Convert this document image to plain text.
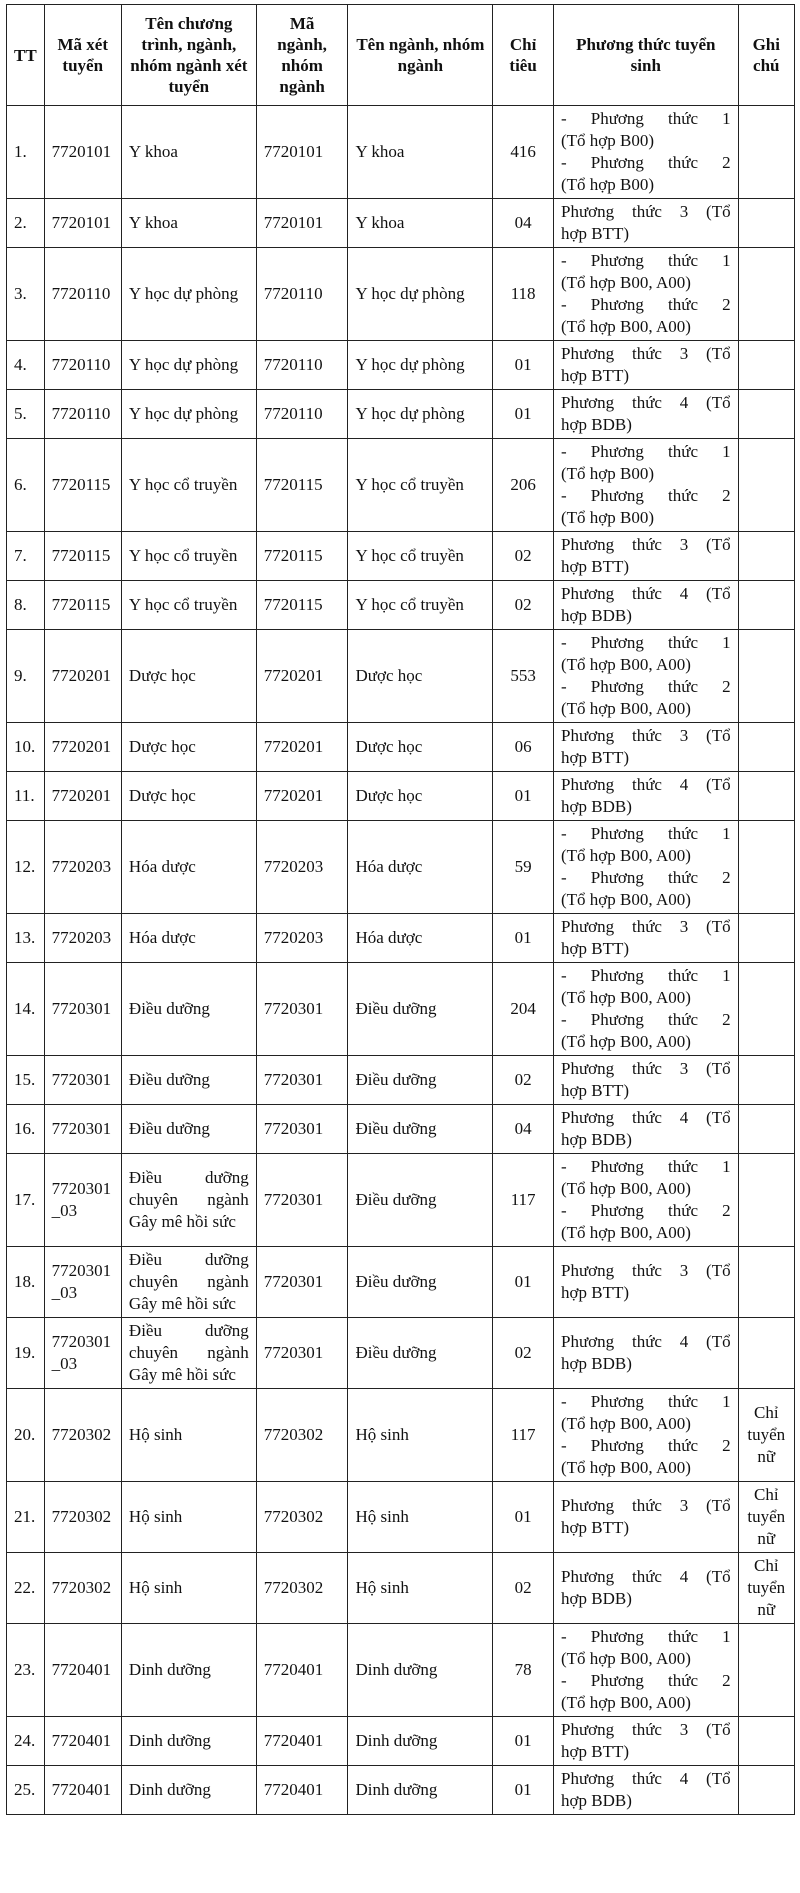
TT	Mã xét tuyển	Tên chương trình, ngành, nhóm ngành xét tuyển	Mã ngành, nhóm ngành	Tên ngành, nhóm ngành	Chỉ tiêu	Phương thức tuyển sinh	Ghi chú
1.	7720101	Y khoa	7720101	Y khoa	416	- Phương thức 1
(Tổ hợp B00)
- Phương thức 2
(Tổ hợp B00)	

2.	7720101	Y khoa	7720101	Y khoa	04	Phương thức 3 (Tổ
hợp BTT)	

3.	7720110	Y học dự phòng	7720110	Y học dự phòng	118	- Phương thức 1
(Tổ hợp B00, A00)
- Phương thức 2
(Tổ hợp B00, A00)	

4.	7720110	Y học dự phòng	7720110	Y học dự phòng	01	Phương thức 3 (Tổ
hợp BTT)	

5.	7720110	Y học dự phòng	7720110	Y học dự phòng	01	Phương thức 4 (Tổ
hợp BDB)	

6.	7720115	Y học cổ truyền	7720115	Y học cổ truyền	206	- Phương thức 1
(Tổ hợp B00)
- Phương thức 2
(Tổ hợp B00)	

7.	7720115	Y học cổ truyền	7720115	Y học cổ truyền	02	Phương thức 3 (Tổ
hợp BTT)	

8.	7720115	Y học cổ truyền	7720115	Y học cổ truyền	02	Phương thức 4 (Tổ
hợp BDB)	

9.	7720201	Dược học	7720201	Dược học	553	- Phương thức 1
(Tổ hợp B00, A00)
- Phương thức 2
(Tổ hợp B00, A00)	

10.	7720201	Dược học	7720201	Dược học	06	Phương thức 3 (Tổ
hợp BTT)	

11.	7720201	Dược học	7720201	Dược học	01	Phương thức 4 (Tổ
hợp BDB)	

12.	7720203	Hóa dược	7720203	Hóa dược	59	- Phương thức 1
(Tổ hợp B00, A00)
- Phương thức 2
(Tổ hợp B00, A00)	

13.	7720203	Hóa dược	7720203	Hóa dược	01	Phương thức 3 (Tổ
hợp BTT)	

14.	7720301	Điều dưỡng	7720301	Điều dưỡng	204	- Phương thức 1
(Tổ hợp B00, A00)
- Phương thức 2
(Tổ hợp B00, A00)	

15.	7720301	Điều dưỡng	7720301	Điều dưỡng	02	Phương thức 3 (Tổ
hợp BTT)	

16.	7720301	Điều dưỡng	7720301	Điều dưỡng	04	Phương thức 4 (Tổ
hợp BDB)	

17.	7720301_03	Điều dưỡng chuyên ngành Gây mê hồi sức	7720301	Điều dưỡng	117	- Phương thức 1
(Tổ hợp B00, A00)
- Phương thức 2
(Tổ hợp B00, A00)	

18.	7720301_03	Điều dưỡng chuyên ngành Gây mê hồi sức	7720301	Điều dưỡng	01	Phương thức 3 (Tổ
hợp BTT)	

19.	7720301_03	Điều dưỡng chuyên ngành Gây mê hồi sức	7720301	Điều dưỡng	02	Phương thức 4 (Tổ
hợp BDB)	

20.	7720302	Hộ sinh	7720302	Hộ sinh	117	- Phương thức 1
(Tổ hợp B00, A00)
- Phương thức 2
(Tổ hợp B00, A00)	Chỉ tuyển nữ
21.	7720302	Hộ sinh	7720302	Hộ sinh	01	Phương thức 3 (Tổ
hợp BTT)	Chỉ tuyển nữ
22.	7720302	Hộ sinh	7720302	Hộ sinh	02	Phương thức 4 (Tổ
hợp BDB)	Chỉ tuyển nữ
23.	7720401	Dinh dưỡng	7720401	Dinh dưỡng	78	- Phương thức 1
(Tổ hợp B00, A00)
- Phương thức 2
(Tổ hợp B00, A00)	

24.	7720401	Dinh dưỡng	7720401	Dinh dưỡng	01	Phương thức 3 (Tổ
hợp BTT)	

25.	7720401	Dinh dưỡng	7720401	Dinh dưỡng	01	Phương thức 4 (Tổ
hợp BDB)	
